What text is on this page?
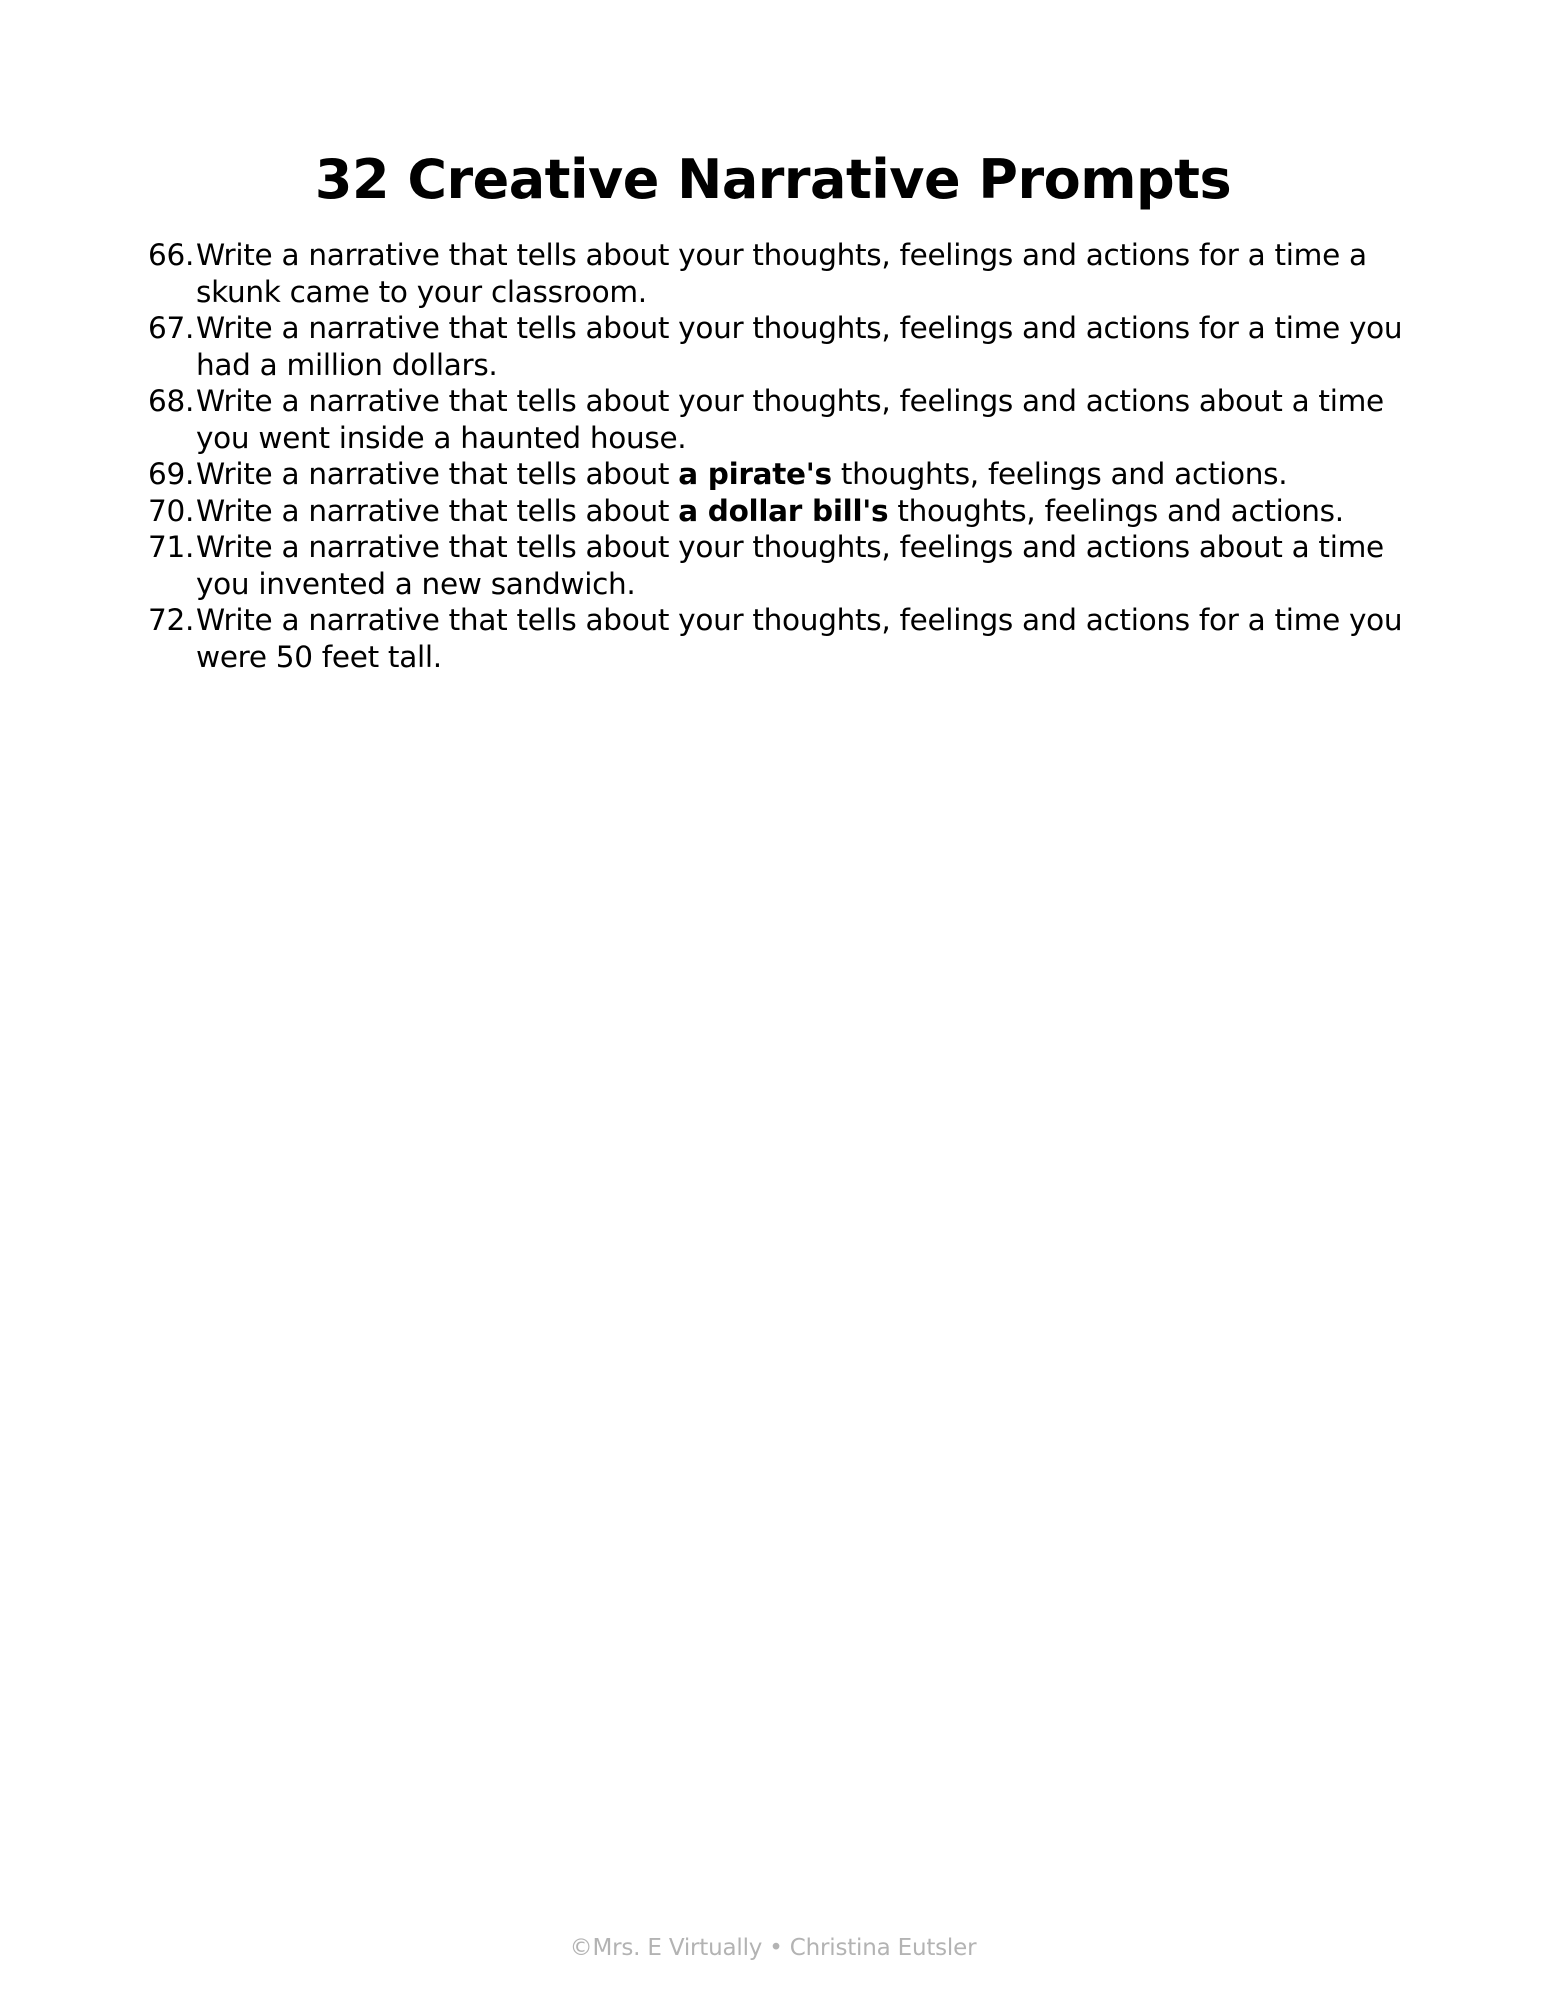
32 Creative Narrative Prompts
66. Write a narrative that tells about your thoughts, feelings and actions for a time a skunk came to your classroom.
67. Write a narrative that tells about your thoughts, feelings and actions for a time you had a million dollars.
68. Write a narrative that tells about your thoughts, feelings and actions about a time you went inside a haunted house.
69. Write a narrative that tells about a pirate's thoughts, feelings and actions.
70. Write a narrative that tells about a dollar bill's thoughts, feelings and actions.
71. Write a narrative that tells about your thoughts, feelings and actions about a time you invented a new sandwich.
72. Write a narrative that tells about your thoughts, feelings and actions for a time you were 50 feet tall.
©Mrs. E Virtually • Christina Eutsler
